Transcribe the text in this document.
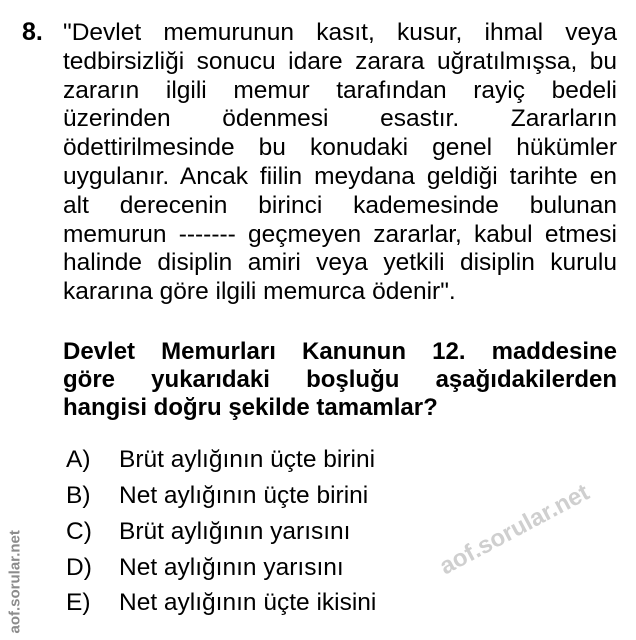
8. "Devlet memurunun kasıt, kusur, ihmal veya
tedbirsizliği sonucu idare zarara uğratılmışsa, bu
zararın ilgili memur tarafından rayiç bedeli
üzerinden ödenmesi esastır. Zararların
ödettirilmesinde bu konudaki genel hükümler
uygulanır. Ancak fiilin meydana geldiği tarihte en
alt derecenin birinci kademesinde bulunan
memurun ------- geçmeyen zararlar, kabul etmesi
halinde disiplin amiri veya yetkili disiplin kurulu
kararına göre ilgili memurca ödenir".
Devlet Memurları Kanunun 12. maddesine
göre yukarıdaki boşluğu aşağıdakilerden
hangisi doğru şekilde tamamlar?
A) Brüt aylığının üçte birini
B) Net aylığının üçte birini
C) Brüt aylığının yarısını
D) Net aylığının yarısını
E) Net aylığının üçte ikisini
aof.sorular.net
aof.sorular.net
